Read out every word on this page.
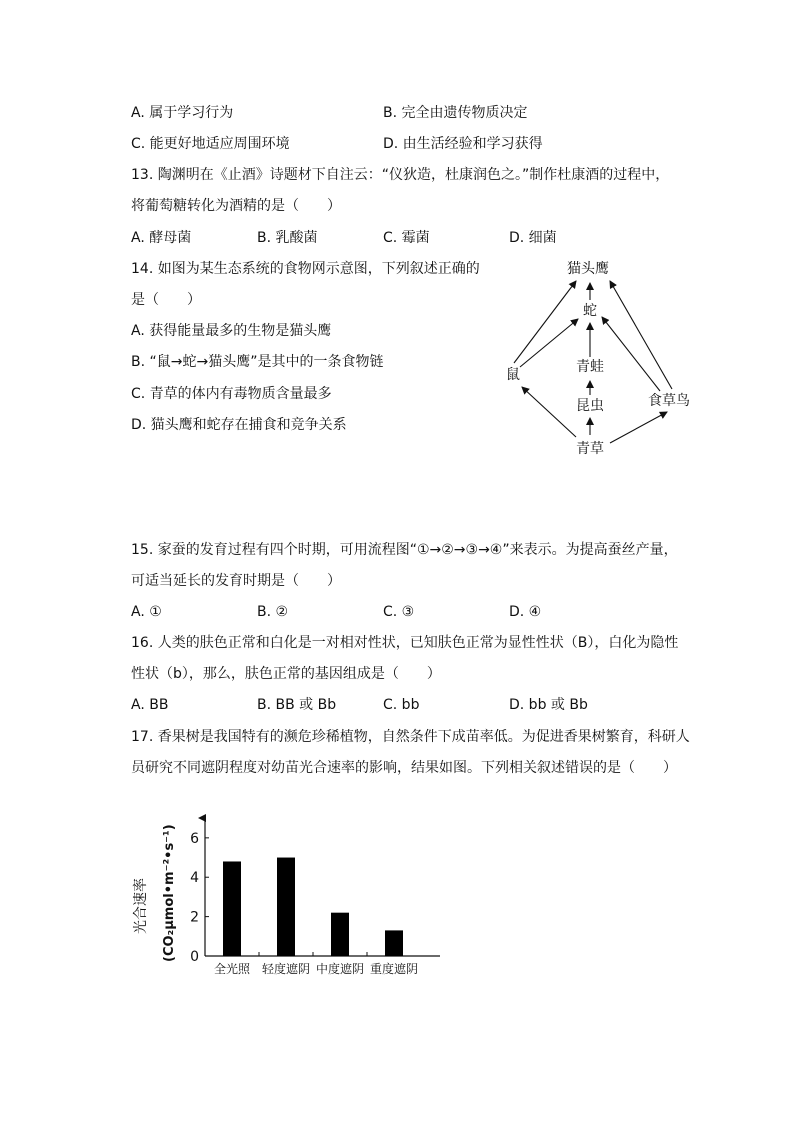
A. 属于学习行为	B. 完全由遗传物质决定
C. 能更好地适应周围环境	D. 由生活经验和学习获得
13. 陶渊明在《止酒》诗题材下自注云：“仪狄造，杜康润色之。”制作杜康酒的过程中，
将葡萄糖转化为酒精的是（　　）
A. 酵母菌	B. 乳酸菌	C. 霉菌	D. 细菌
14. 如图为某生态系统的食物网示意图，下列叙述正确的
是（　　）
A. 获得能量最多的生物是猫头鹰
B. “鼠→蛇→猫头鹰”是其中的一条食物链
C. 青草的体内有毒物质含量最多
D. 猫头鹰和蛇存在捕食和竞争关系
猫头鹰
蛇
青蛙
鼠
昆虫	食草鸟
青草
15. 家蚕的发育过程有四个时期，可用流程图“①→②→③→④”来表示。为提高蚕丝产量，
可适当延长的发育时期是（　　）
A. ①	B. ②	C. ③	D. ④
16. 人类的肤色正常和白化是一对相对性状，已知肤色正常为显性性状（B），白化为隐性
性状（b），那么，肤色正常的基因组成是（　　）
A. BB	B. BB 或 Bb	C. bb	D. bb 或 Bb
17. 香果树是我国特有的濒危珍稀植物，自然条件下成苗率低。为促进香果树繁育，科研人
员研究不同遮阴程度对幼苗光合速率的影响，结果如图。下列相关叙述错误的是（　　）
光合速率 (CO₂μmol•m⁻²•s⁻¹) 0
2
4
6
全光照 轻度遮阴 中度遮阴 重度遮阴
